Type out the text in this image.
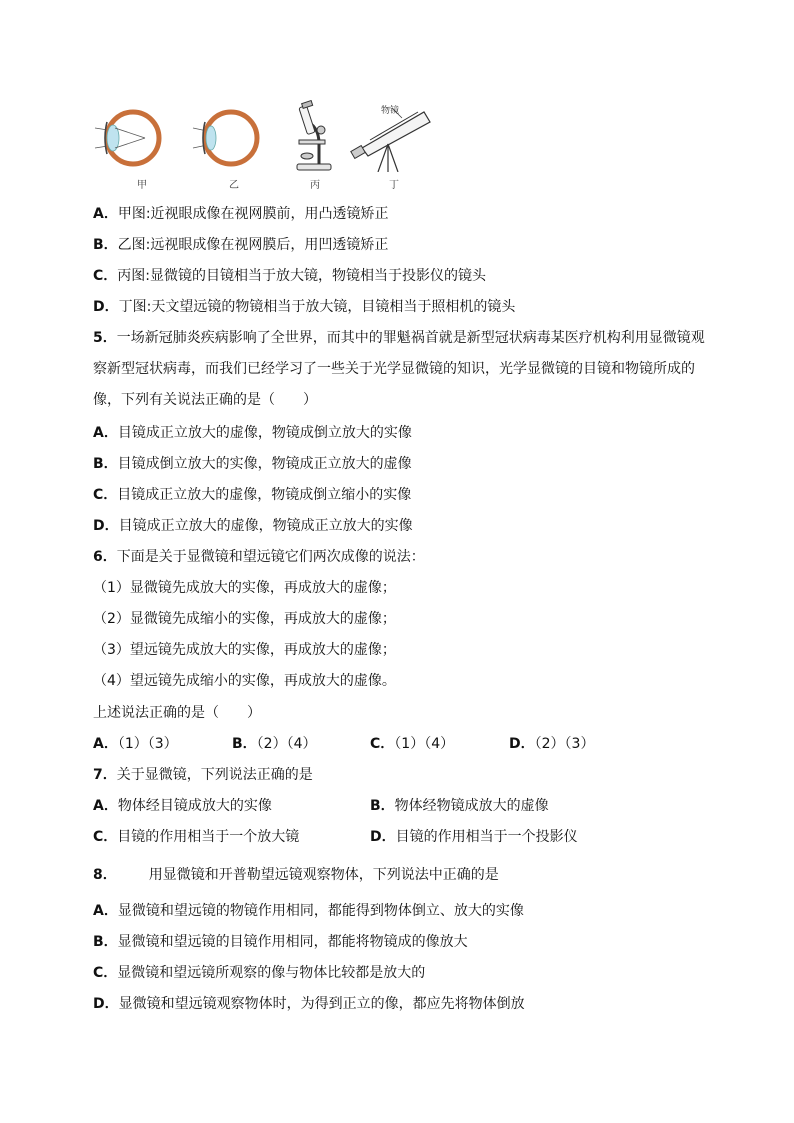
甲	乙	丙
物镜
丁
A．甲图:近视眼成像在视网膜前，用凸透镜矫正
B．乙图:远视眼成像在视网膜后，用凹透镜矫正
C．丙图:显微镜的目镜相当于放大镜，物镜相当于投影仪的镜头
D．丁图:天文望远镜的物镜相当于放大镜，目镜相当于照相机的镜头
5．一场新冠肺炎疾病影响了全世界，而其中的罪魁祸首就是新型冠状病毒某医疗机构利用显微镜观
察新型冠状病毒，而我们已经学习了一些关于光学显微镜的知识，光学显微镜的目镜和物镜所成的
像，下列有关说法正确的是（　　）
A．目镜成正立放大的虚像，物镜成倒立放大的实像
B．目镜成倒立放大的实像，物镜成正立放大的虚像
C．目镜成正立放大的虚像，物镜成倒立缩小的实像
D．目镜成正立放大的虚像，物镜成正立放大的实像
6．下面是关于显微镜和望远镜它们两次成像的说法：
（1）显微镜先成放大的实像，再成放大的虚像；
（2）显微镜先成缩小的实像，再成放大的虚像；
（3）望远镜先成放大的实像，再成放大的虚像；
（4）望远镜先成缩小的实像，再成放大的虚像。
上述说法正确的是（　　）
A．（1）（3）	B．（2）（4）	C．（1）（4）	D．（2）（3）
7．关于显微镜，下列说法正确的是
A．物体经目镜成放大的实像	B．物体经物镜成放大的虚像
C．目镜的作用相当于一个放大镜	D．目镜的作用相当于一个投影仪
8． 用显微镜和开普勒望远镜观察物体，下列说法中正确的是
A．显微镜和望远镜的物镜作用相同，都能得到物体倒立、放大的实像
B．显微镜和望远镜的目镜作用相同，都能将物镜成的像放大
C．显微镜和望远镜所观察的像与物体比较都是放大的
D．显微镜和望远镜观察物体时，为得到正立的像，都应先将物体倒放
